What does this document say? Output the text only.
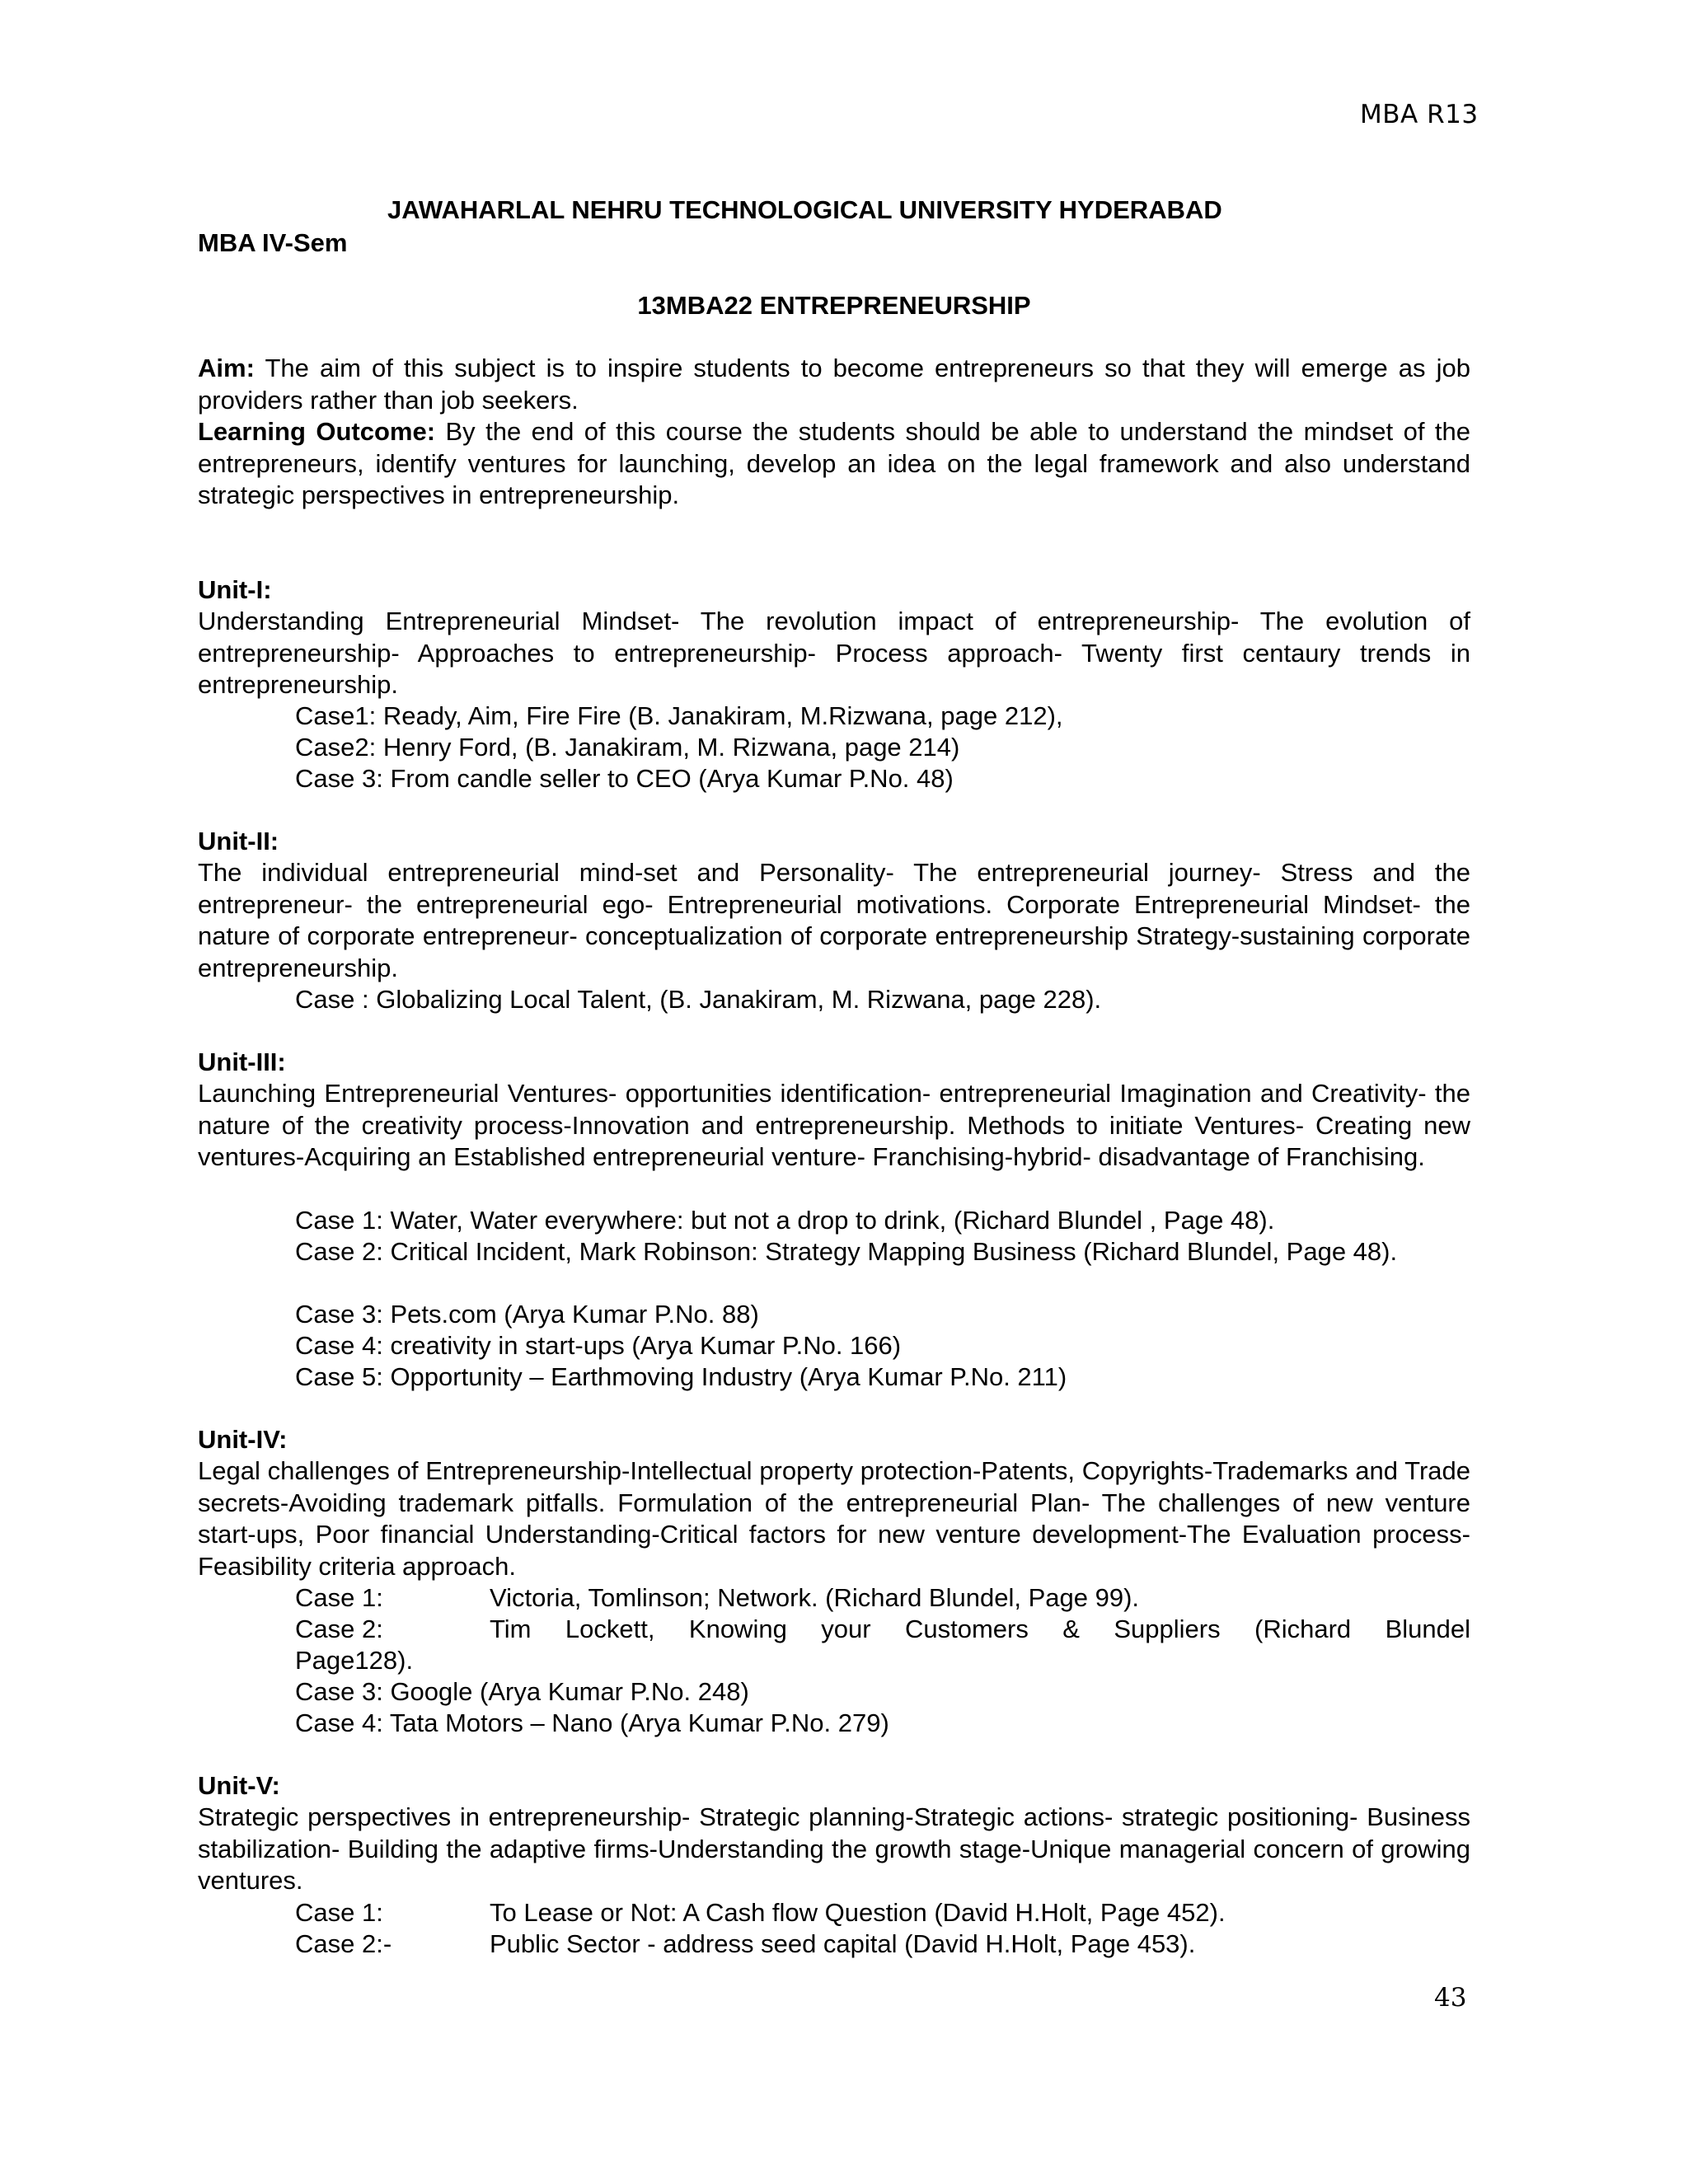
MBA R13
JAWAHARLAL NEHRU TECHNOLOGICAL UNIVERSITY HYDERABAD
MBA IV-Sem
13MBA22 ENTREPRENEURSHIP
Aim: The aim of this subject is to inspire students to become entrepreneurs so that they will emerge as job providers rather than job seekers.
Learning Outcome: By the end of this course the students should be able to understand the mindset of the entrepreneurs, identify ventures for launching, develop an idea on the legal framework and also understand strategic perspectives in entrepreneurship.
Unit-I:
Understanding Entrepreneurial Mindset- The revolution impact of entrepreneurship- The evolution of entrepreneurship- Approaches to entrepreneurship- Process approach- Twenty first centaury trends in entrepreneurship.
Case1: Ready, Aim, Fire Fire (B. Janakiram, M.Rizwana, page 212),
Case2: Henry Ford, (B. Janakiram, M. Rizwana, page 214)
Case 3: From candle seller to CEO (Arya Kumar P.No. 48)
Unit-II:
The individual entrepreneurial mind-set and Personality- The entrepreneurial journey- Stress and the entrepreneur- the entrepreneurial ego- Entrepreneurial motivations. Corporate Entrepreneurial Mindset- the nature of corporate entrepreneur- conceptualization of corporate entrepreneurship Strategy-sustaining corporate entrepreneurship.
Case : Globalizing Local Talent, (B. Janakiram, M. Rizwana, page 228).
Unit-III:
Launching Entrepreneurial Ventures- opportunities identification- entrepreneurial Imagination and Creativity- the nature of the creativity process-Innovation and entrepreneurship. Methods to initiate Ventures- Creating new ventures-Acquiring an Established entrepreneurial venture- Franchising-hybrid- disadvantage of Franchising.
Case 1: Water, Water everywhere: but not a drop to drink, (Richard Blundel , Page 48).
Case 2: Critical Incident, Mark Robinson: Strategy Mapping Business (Richard Blundel, Page 48).
Case 3: Pets.com (Arya Kumar P.No. 88)
Case 4: creativity in start-ups (Arya Kumar P.No. 166)
Case 5: Opportunity – Earthmoving Industry (Arya Kumar P.No. 211)
Unit-IV:
Legal challenges of Entrepreneurship-Intellectual property protection-Patents, Copyrights-Trademarks and Trade secrets-Avoiding trademark pitfalls. Formulation of the entrepreneurial Plan- The challenges of new venture start-ups, Poor financial Understanding-Critical factors for new venture development-The Evaluation process-Feasibility criteria approach.
Case 1:	Victoria, Tomlinson; Network. (Richard Blundel, Page 99).
Case 2:	Tim Lockett, Knowing your Customers & Suppliers (Richard Blundel
Page128).
Case 3: Google (Arya Kumar P.No. 248)
Case 4: Tata Motors – Nano (Arya Kumar P.No. 279)
Unit-V:
Strategic perspectives in entrepreneurship- Strategic planning-Strategic actions- strategic positioning- Business stabilization- Building the adaptive firms-Understanding the growth stage-Unique managerial concern of growing ventures.
Case 1:	To Lease or Not: A Cash flow Question (David H.Holt, Page 452).
Case 2:-	Public Sector - address seed capital (David H.Holt, Page 453).
43
